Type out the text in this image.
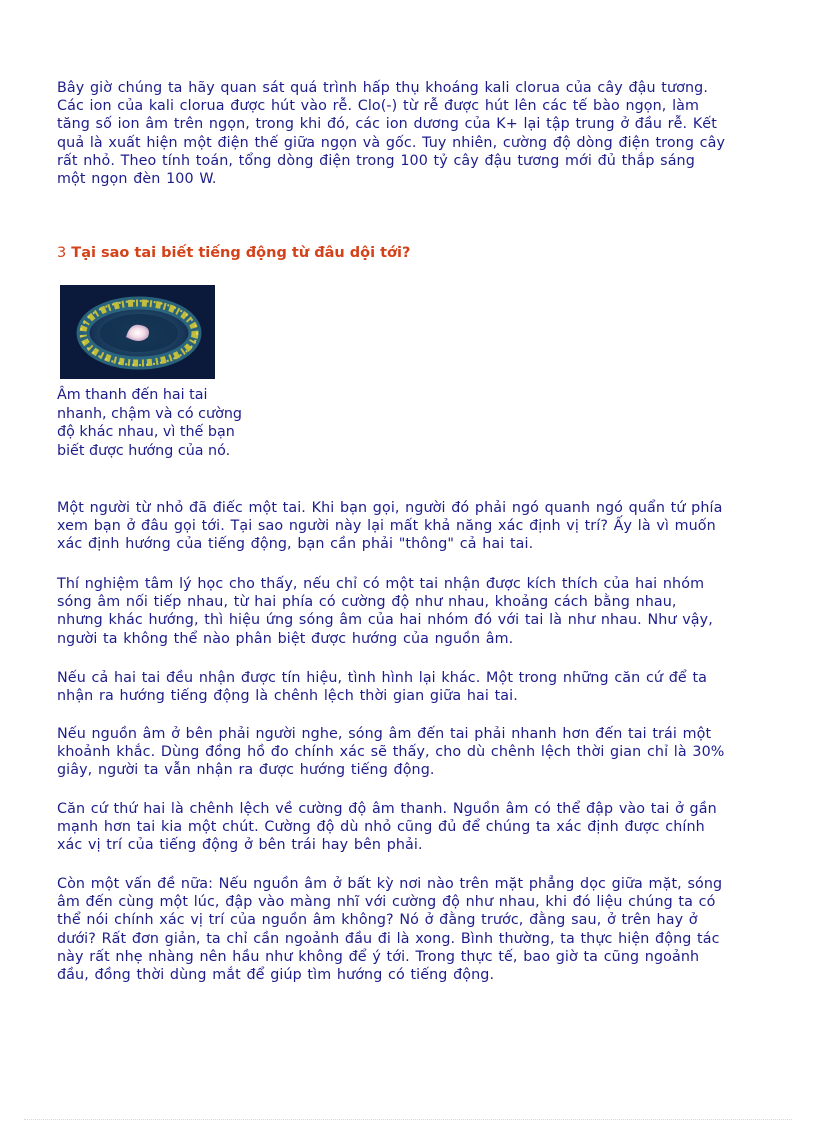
Bây giờ chúng ta hãy quan sát quá trình hấp thụ khoáng kali clorua của cây đậu tương. Các ion của kali clorua được hút vào rễ. Clo(-) từ rễ được hút lên các tế bào ngọn, làm tăng số ion âm trên ngọn, trong khi đó, các ion dương của K+ lại tập trung ở đầu rễ. Kết quả là xuất hiện một điện thế giữa ngọn và gốc. Tuy nhiên, cường độ dòng điện trong cây rất nhỏ. Theo tính toán, tổng dòng điện trong 100 tỷ cây đậu tương mới đủ thắp sáng một ngọn đèn 100 W.

3 Tại sao tai biết tiếng động từ đâu dội tới?

Âm thanh đến hai tai nhanh, chậm và có cường độ khác nhau, vì thế bạn biết được hướng của nó.

Một người từ nhỏ đã điếc một tai. Khi bạn gọi, người đó phải ngó quanh ngó quẩn tứ phía xem bạn ở đâu gọi tới. Tại sao người này lại mất khả năng xác định vị trí? Ấy là vì muốn xác định hướng của tiếng động, bạn cần phải "thông" cả hai tai.

Thí nghiệm tâm lý học cho thấy, nếu chỉ có một tai nhận được kích thích của hai nhóm sóng âm nối tiếp nhau, từ hai phía có cường độ như nhau, khoảng cách bằng nhau, nhưng khác hướng, thì hiệu ứng sóng âm của hai nhóm đó với tai là như nhau. Như vậy, người ta không thể nào phân biệt được hướng của nguồn âm.

Nếu cả hai tai đều nhận được tín hiệu, tình hình lại khác. Một trong những căn cứ để ta nhận ra hướng tiếng động là chênh lệch thời gian giữa hai tai.

Nếu nguồn âm ở bên phải người nghe, sóng âm đến tai phải nhanh hơn đến tai trái một khoảnh khắc. Dùng đồng hồ đo chính xác sẽ thấy, cho dù chênh lệch thời gian chỉ là 30% giây, người ta vẫn nhận ra được hướng tiếng động.

Căn cứ thứ hai là chênh lệch về cường độ âm thanh. Nguồn âm có thể đập vào tai ở gần mạnh hơn tai kia một chút. Cường độ dù nhỏ cũng đủ để chúng ta xác định được chính xác vị trí của tiếng động ở bên trái hay bên phải.

Còn một vấn đề nữa: Nếu nguồn âm ở bất kỳ nơi nào trên mặt phẳng dọc giữa mặt, sóng âm đến cùng một lúc, đập vào màng nhĩ với cường độ như nhau, khi đó liệu chúng ta có thể nói chính xác vị trí của nguồn âm không? Nó ở đằng trước, đằng sau, ở trên hay ở dưới? Rất đơn giản, ta chỉ cần ngoảnh đầu đi là xong. Bình thường, ta thực hiện động tác này rất nhẹ nhàng nên hầu như không để ý tới. Trong thực tế, bao giờ ta cũng ngoảnh đầu, đồng thời dùng mắt để giúp tìm hướng có tiếng động.
